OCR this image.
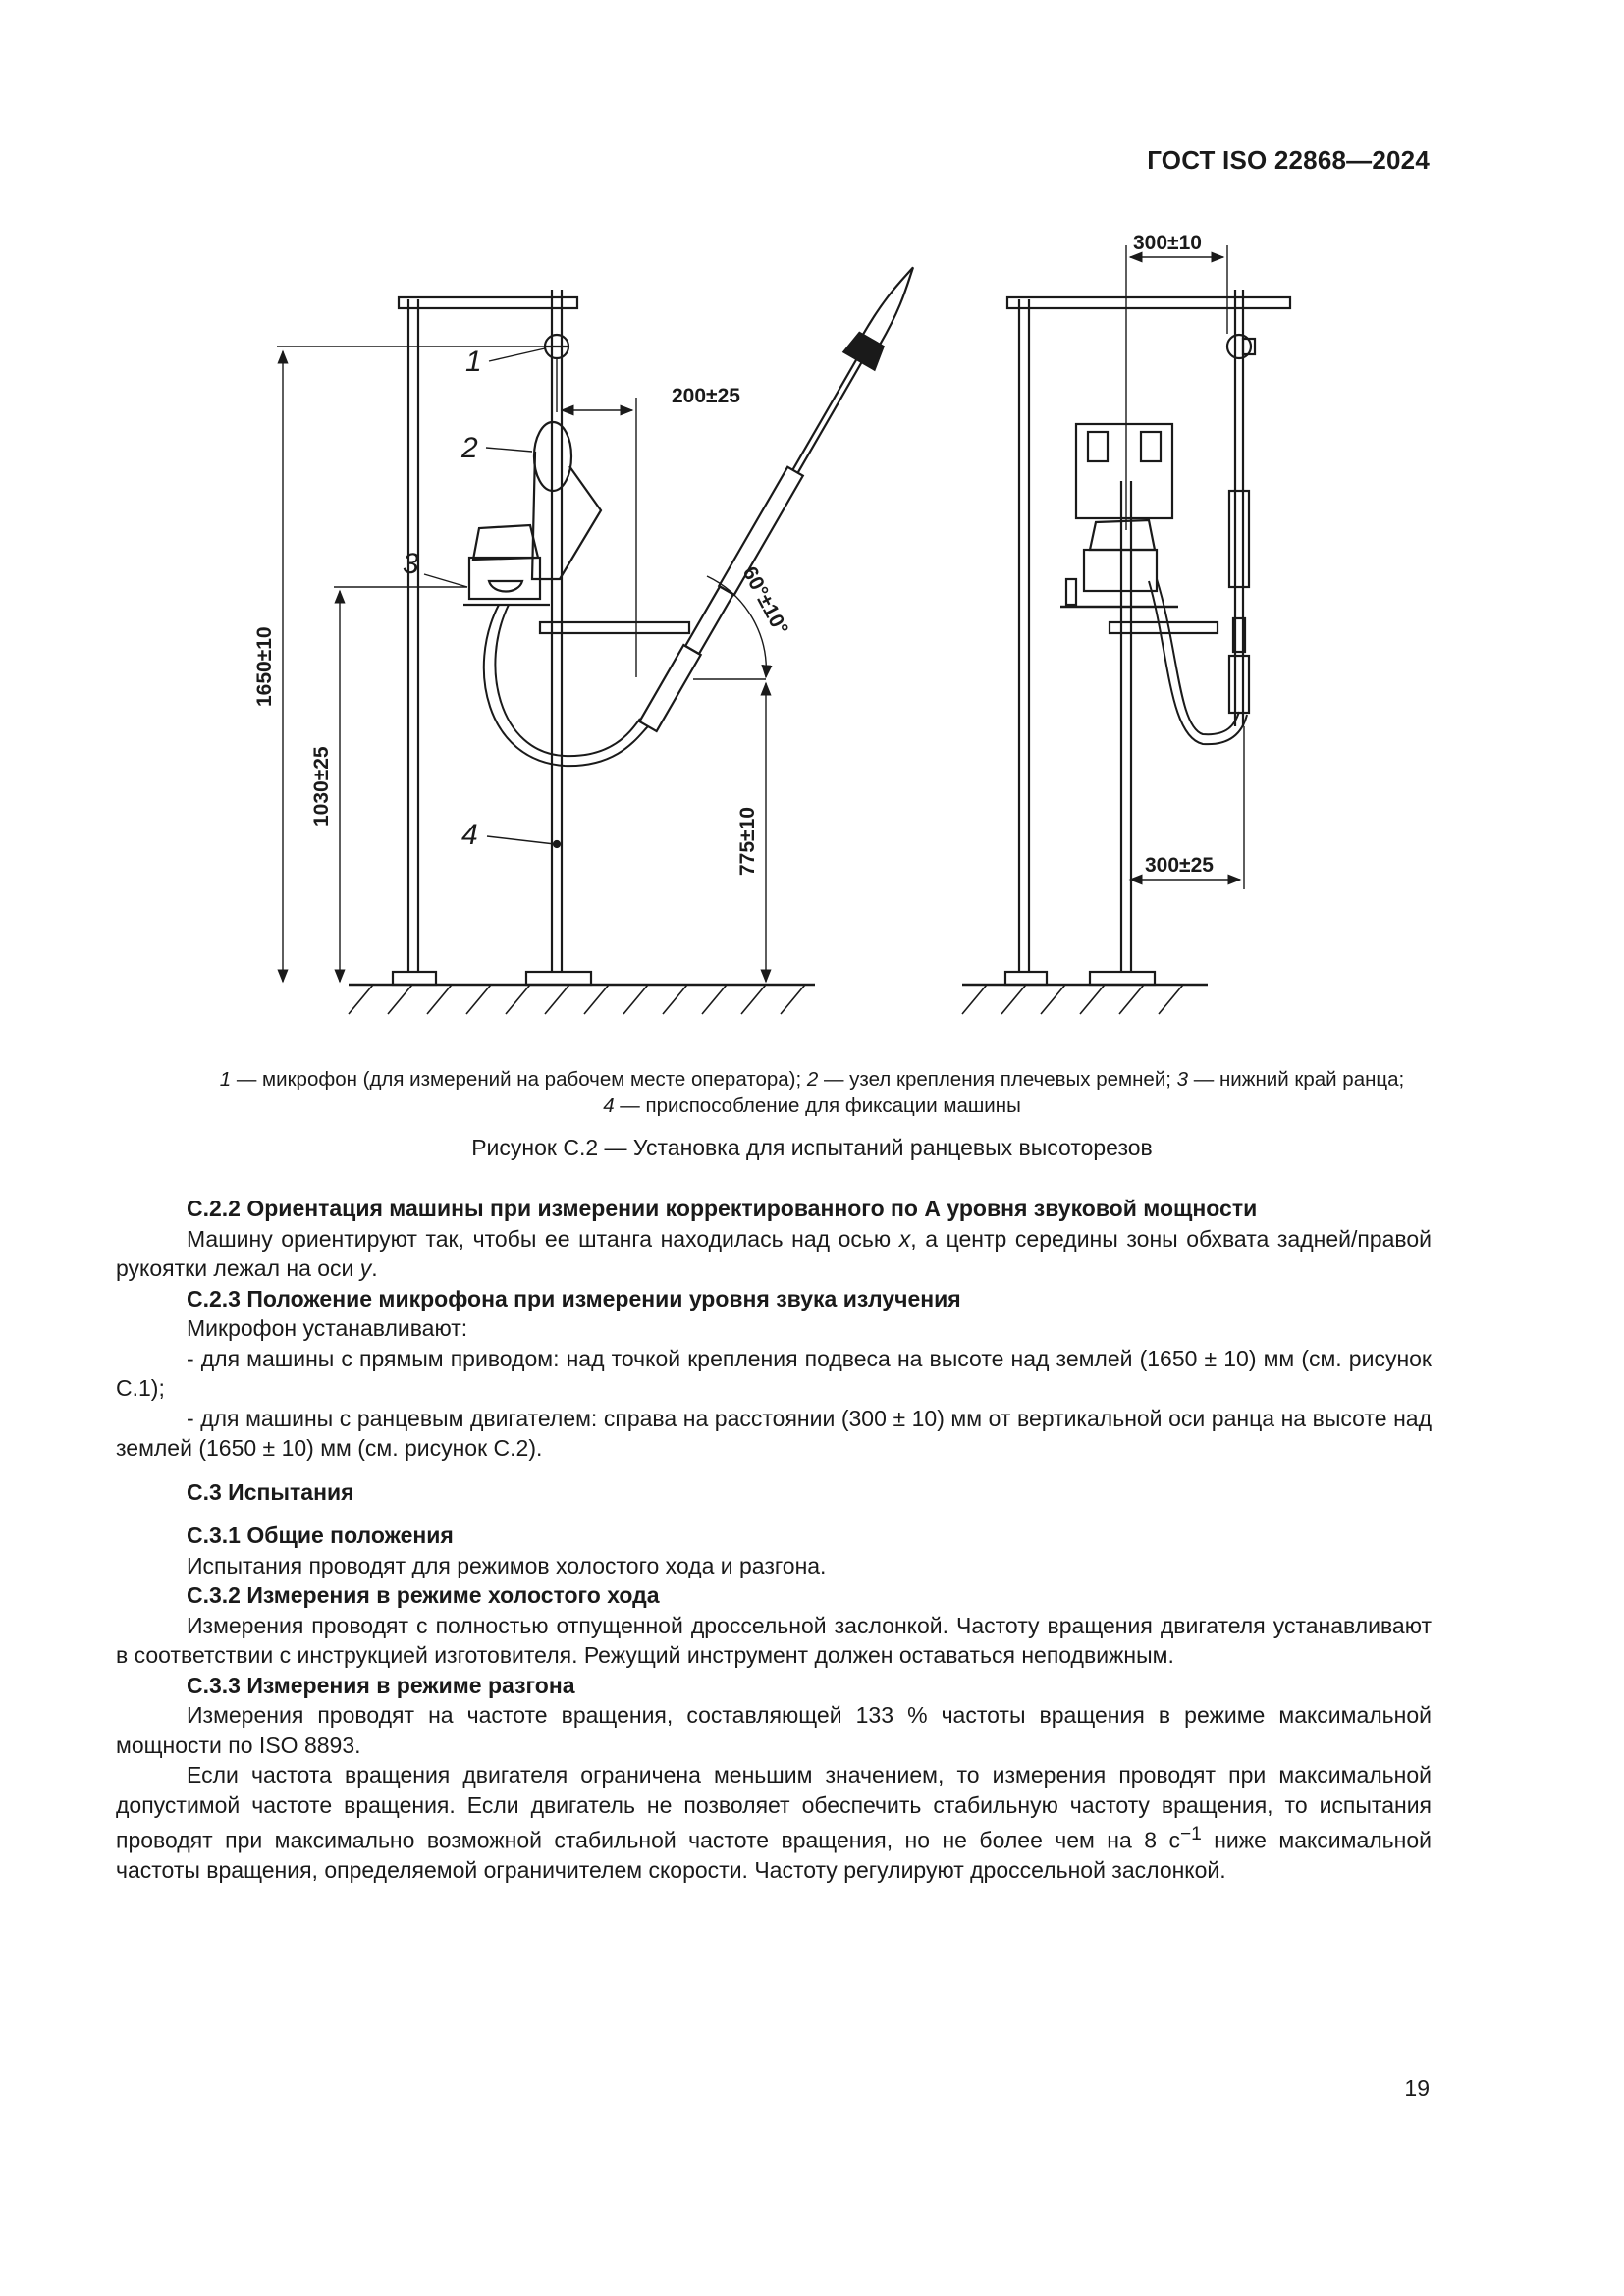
ГОСТ ISO 22868—2024
1
2
3
4
200±25
1650±10
1030±25
775±10
60°±10°
300±10
300±25
1 — микрофон (для измерений на рабочем месте оператора); 2 — узел крепления плечевых ремней; 3 — нижний край ранца;
4 — приспособление для фиксации машины
Рисунок С.2 — Установка для испытаний ранцевых высоторезов

С.2.2 Ориентация машины при измерении корректированного по А уровня звуковой мощности

Машину ориентируют так, чтобы ее штанга находилась над осью x, а центр середины зоны обхвата задней/правой рукоятки лежал на оси y.

С.2.3 Положение микрофона при измерении уровня звука излучения

Микрофон устанавливают:

- для машины с прямым приводом: над точкой крепления подвеса на высоте над землей (1650 ± 10) мм (см. рисунок С.1);

- для машины с ранцевым двигателем: справа на расстоянии (300 ± 10) мм от вертикальной оси ранца на высоте над землей (1650 ± 10) мм (см. рисунок С.2).

С.3 Испытания

С.3.1 Общие положения

Испытания проводят для режимов холостого хода и разгона.

С.3.2 Измерения в режиме холостого хода

Измерения проводят с полностью отпущенной дроссельной заслонкой. Частоту вращения двигателя устанавливают в соответствии с инструкцией изготовителя. Режущий инструмент должен оставаться неподвижным.

С.3.3 Измерения в режиме разгона

Измерения проводят на частоте вращения, составляющей 133 % частоты вращения в режиме максимальной мощности по ISO 8893.

Если частота вращения двигателя ограничена меньшим значением, то измерения проводят при максимальной допустимой частоте вращения. Если двигатель не позволяет обеспечить стабильную частоту вращения, то испытания проводят при максимально возможной стабильной частоте вращения, но не более чем на 8 $с^{-1}$ ниже максимальной частоты вращения, определяемой ограничителем скорости. Частоту регулируют дроссельной заслонкой.

19
